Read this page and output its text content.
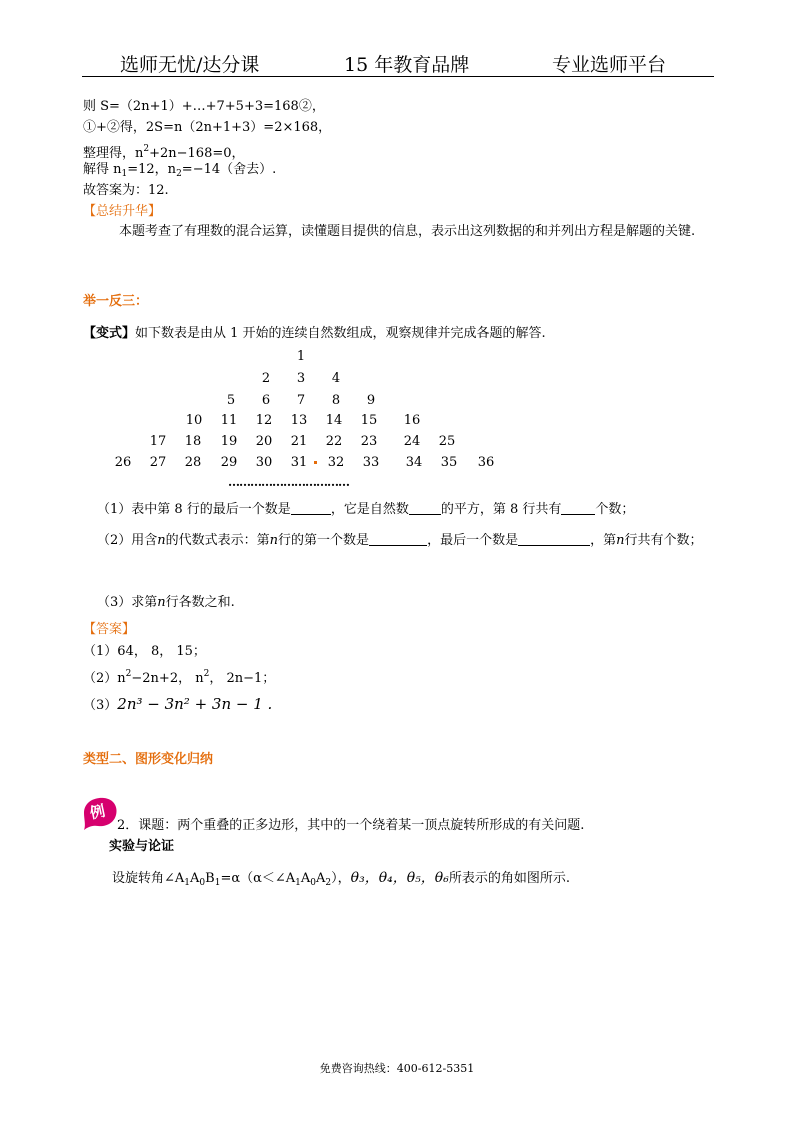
选师无忧/达分课	15 年教育品牌	专业选师平台
则 S=（2n+1）+…+7+5+3=168②，
①+②得，2S=n（2n+1+3）=2×168，
整理得，$n^2+2n-168=0$，
解得 $n_1=12$，$n_2=-14$（舍去）.
故答案为：12.
【总结升华】
本题考查了有理数的混合运算，读懂题目提供的信息，表示出这列数据的和并列出方程是解题的关键.
举一反三：
【变式】如下数表是由从 1 开始的连续自然数组成，观察规律并完成各题的解答.
1
2	3	4
5	6	7	8	9
10	11	12	13	14	15	16
17	18	19	20	21	22	23	24	25
26	27	28	29	30	31	32	33	34	35	36
……………………………
（1）表中第 8 行的最后一个数是	，它是自然数 的平方，第 8 行共有	个数；
（2）用含n的代数式表示：第n行的第一个数是	，最后一个数是	，第n行共有个数；
（3）求第n行各数之和.
【答案】
（1）64， 8， 15；
$(2)n^2-2n+2$， $n^2$， 2n−1；
（3）2n³ − 3n² + 3n − 1 .
类型二、图形变化归纳
例
2．课题：两个重叠的正多边形，其中的一个绕着某一顶点旋转所形成的有关问题.
实验与论证
设旋转角$\angle A_1A_0B_1=\alpha(\alpha<\angle A_1A_0A_2)$，θ₃，θ₄，θ₅，θ₆所表示的角如图所示.
免费咨询热线：400-612-5351
